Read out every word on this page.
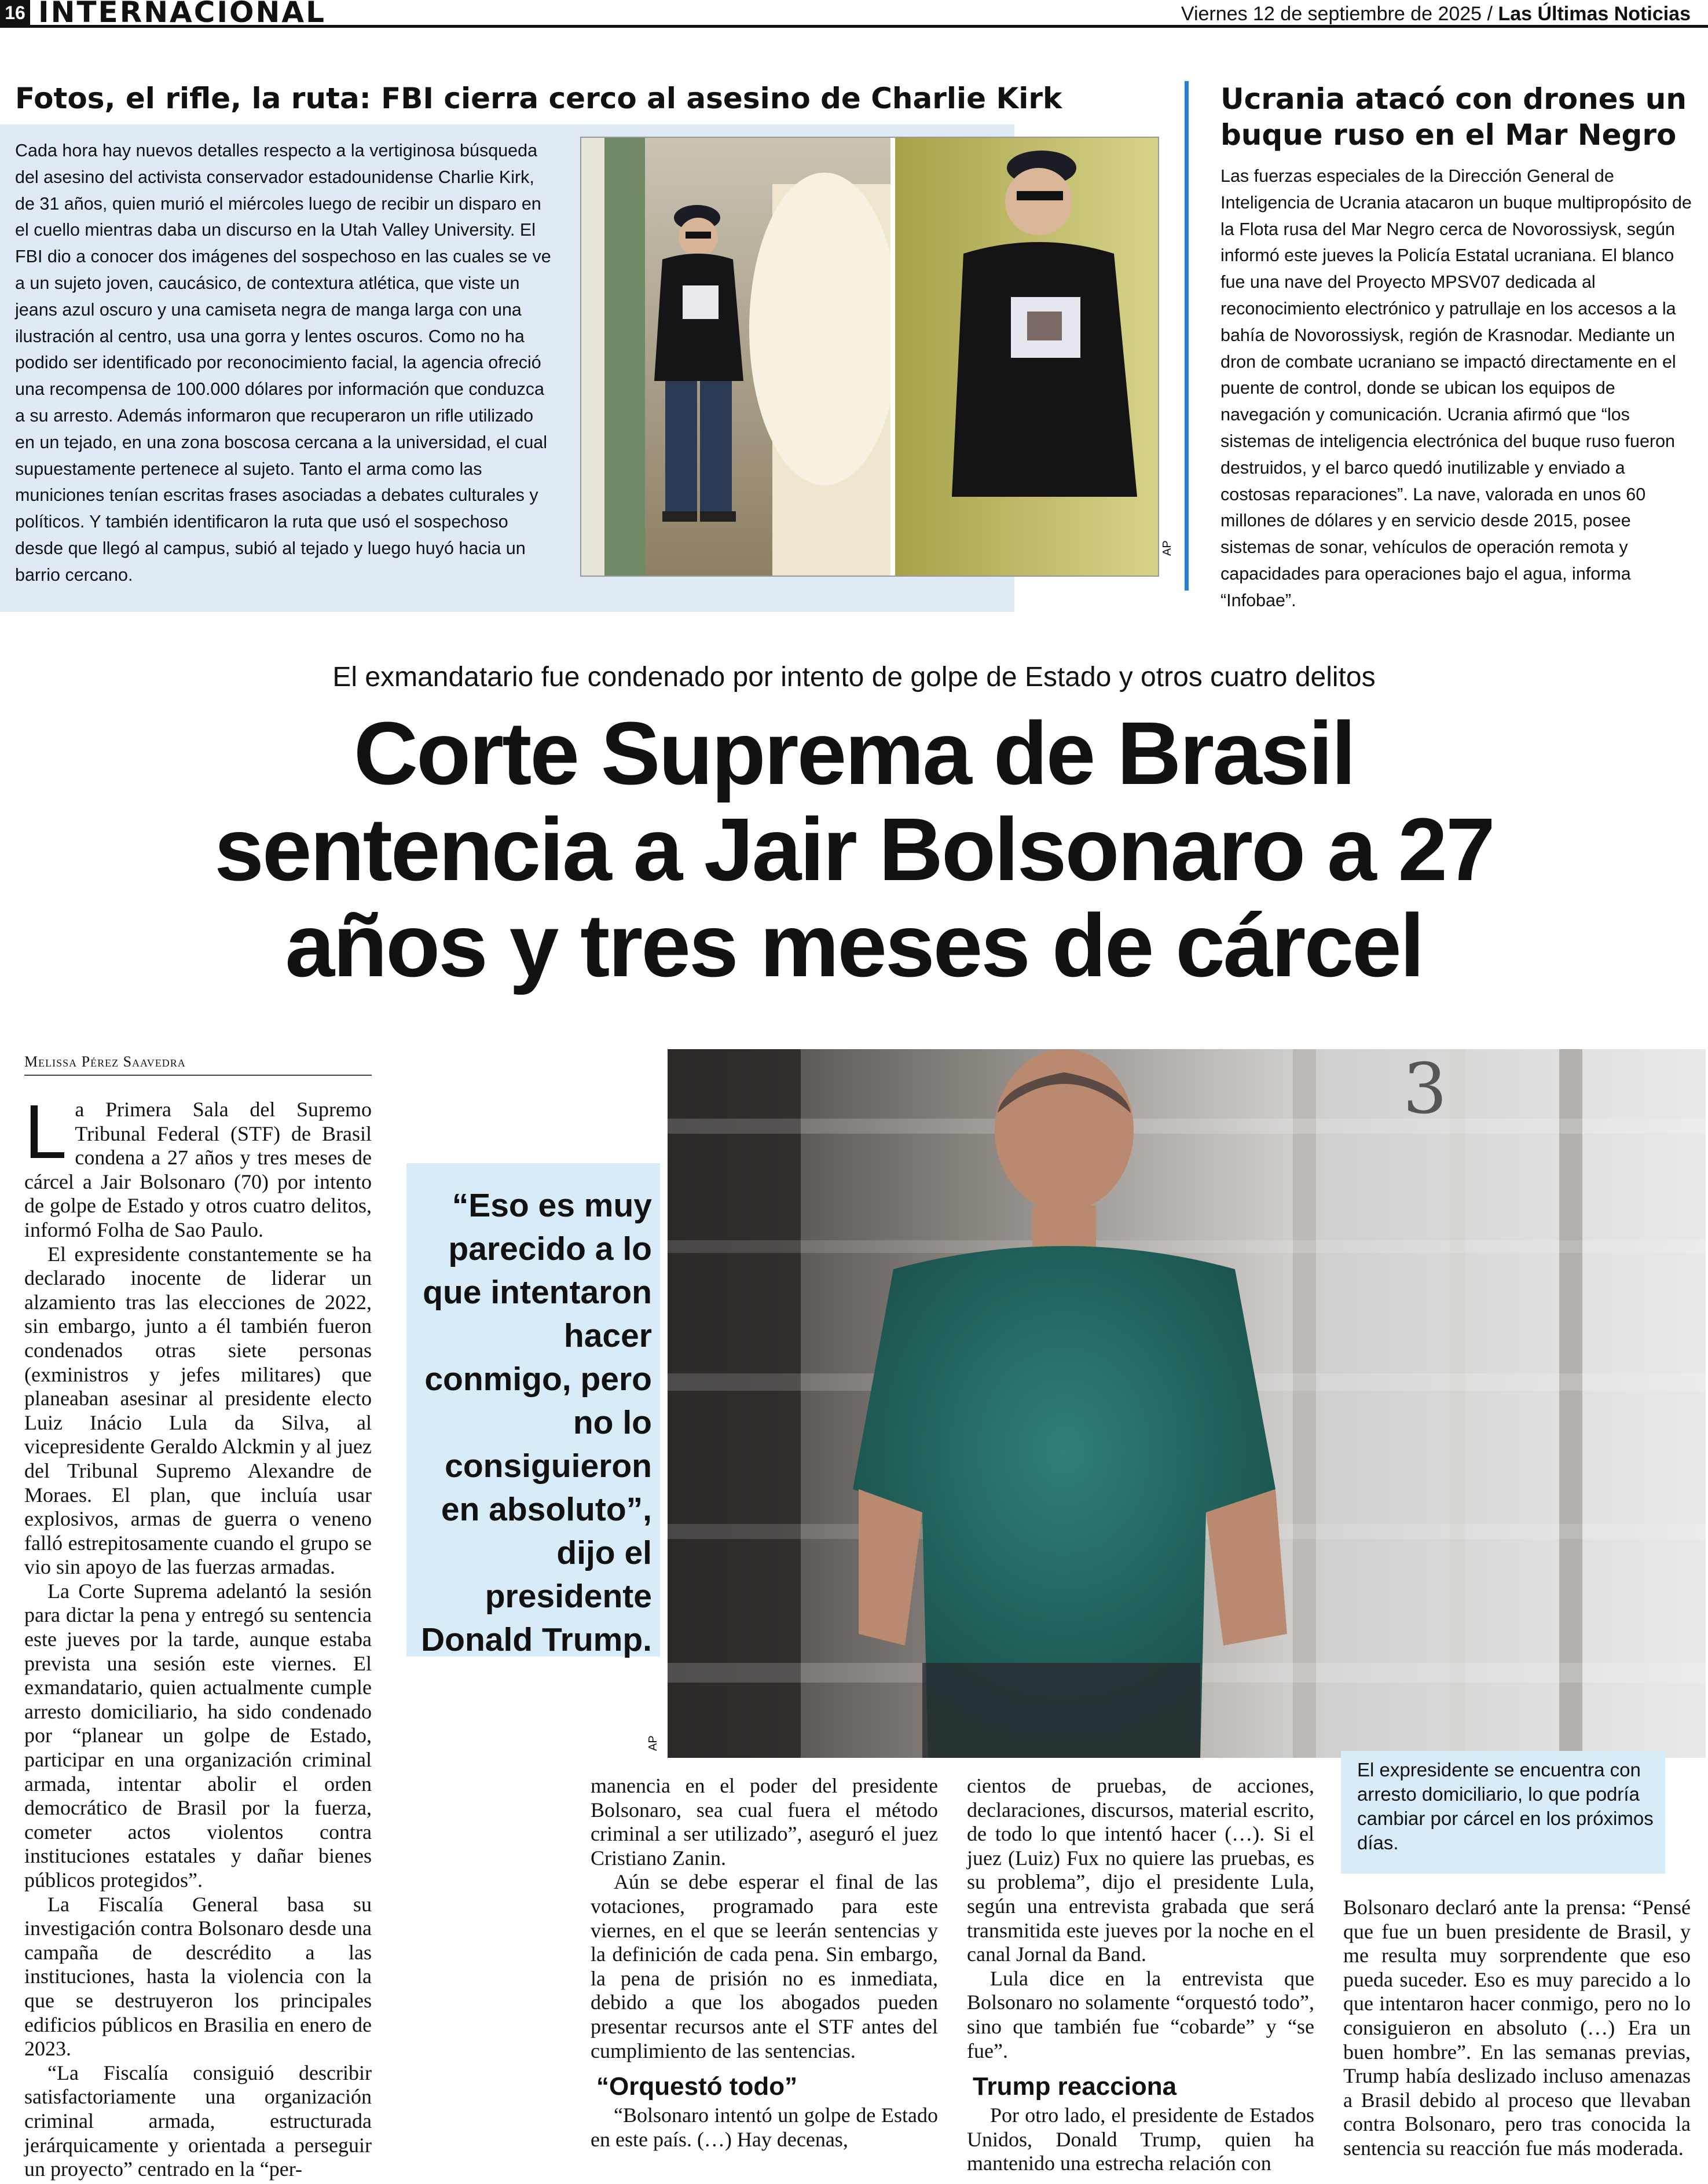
16 INTERNACIONAL	Viernes 12 de septiembre de 2025 / Las Últimas Noticias
Fotos, el rifle, la ruta: FBI cierra cerco al asesino de Charlie Kirk

Cada hora hay nuevos detalles respecto a la vertiginosa búsqueda del asesino del activista conservador estadounidense Charlie Kirk, de 31 años, quien murió el miércoles luego de recibir un disparo en el cuello mientras daba un discurso en la Utah Valley University. El FBI dio a conocer dos imágenes del sospechoso en las cuales se ve a un sujeto joven, caucásico, de contextura atlética, que viste un jeans azul oscuro y una camiseta negra de manga larga con una ilustración al centro, usa una gorra y lentes oscuros. Como no ha podido ser identificado por reconocimiento facial, la agencia ofreció una recompensa de 100.000 dólares por información que conduzca a su arresto. Además informaron que recuperaron un rifle utilizado en un tejado, en una zona boscosa cercana a la universidad, el cual supuestamente pertenece al sujeto. Tanto el arma como las municiones tenían escritas frases asociadas a debates culturales y políticos. Y también identificaron la ruta que usó el sospechoso desde que llegó al campus, subió al tejado y luego huyó hacia un barrio cercano.

AP
Ucrania atacó con drones un buque ruso en el Mar Negro

Las fuerzas especiales de la Dirección General de Inteligencia de Ucrania atacaron un buque multipropósito de la Flota rusa del Mar Negro cerca de Novorossiysk, según informó este jueves la Policía Estatal ucraniana. El blanco fue una nave del Proyecto MPSV07 dedicada al reconocimiento electrónico y patrullaje en los accesos a la bahía de Novorossiysk, región de Krasnodar. Mediante un dron de combate ucraniano se impactó directamente en el puente de control, donde se ubican los equipos de navegación y comunicación. Ucrania afirmó que “los sistemas de inteligencia electrónica del buque ruso fueron destruidos, y el barco quedó inutilizable y enviado a costosas reparaciones”. La nave, valorada en unos 60 millones de dólares y en servicio desde 2015, posee sistemas de sonar, vehículos de operación remota y capacidades para operaciones bajo el agua, informa “Infobae”.

El exmandatario fue condenado por intento de golpe de Estado y otros cuatro delitos
Corte Suprema de Brasil
sentencia a Jair Bolsonaro a 27
años y tres meses de cárcel
Melissa Pérez Saavedra
L a Primera Sala del Supremo Tribunal Federal (STF) de Brasil condena a 27 años y tres meses de cárcel a Jair Bolsonaro (70) por intento de golpe de Estado y otros cuatro delitos, informó Folha de Sao Paulo.

El expresidente constantemente se ha declarado inocente de liderar un alzamiento tras las elecciones de 2022, sin embargo, junto a él también fueron condenados otras siete personas (exministros y jefes militares) que planeaban asesinar al presidente electo Luiz Inácio Lula da Silva, al vicepresidente Geraldo Alckmin y al juez del Tribunal Supremo Alexandre de Moraes. El plan, que incluía usar explosivos, armas de guerra o veneno falló estrepitosamente cuando el grupo se vio sin apoyo de las fuerzas armadas.

La Corte Suprema adelantó la sesión para dictar la pena y entregó su sentencia este jueves por la tarde, aunque estaba prevista una sesión este viernes. El exmandatario, quien actualmente cumple arresto domiciliario, ha sido condenado por “planear un golpe de Estado, participar en una organización criminal armada, intentar abolir el orden democrático de Brasil por la fuerza, cometer actos violentos contra instituciones estatales y dañar bienes públicos protegidos”.

La Fiscalía General basa su investigación contra Bolsonaro desde una campaña de descrédito a las instituciones, hasta la violencia con la que se destruyeron los principales edificios públicos en Brasilia en enero de 2023.

“La Fiscalía consiguió describir satisfactoriamente una organización criminal armada, estructurada jerárquicamente y orientada a perseguir un proyecto” centrado en la “per-

manencia en el poder del presidente Bolsonaro, sea cual fuera el método criminal a ser utilizado”, aseguró el juez Cristiano Zanin.

Aún se debe esperar el final de las votaciones, programado para este viernes, en el que se leerán sentencias y la definición de cada pena. Sin embargo, la pena de prisión no es inmediata, debido a que los abogados pueden presentar recursos ante el STF antes del cumplimiento de las sentencias.

“Orquestó todo”

“Bolsonaro intentó un golpe de Estado en este país. (…) Hay decenas,

cientos de pruebas, de acciones, declaraciones, discursos, material escrito, de todo lo que intentó hacer (…). Si el juez (Luiz) Fux no quiere las pruebas, es su problema”, dijo el presidente Lula, según una entrevista grabada que será transmitida este jueves por la noche en el canal Jornal da Band.

Lula dice en la entrevista que Bolsonaro no solamente “orquestó todo”, sino que también fue “cobarde” y “se fue”.

Trump reacciona

Por otro lado, el presidente de Estados Unidos, Donald Trump, quien ha mantenido una estrecha relación con

Bolsonaro declaró ante la prensa: “Pensé que fue un buen presidente de Brasil, y me resulta muy sorprendente que eso pueda suceder. Eso es muy parecido a lo que intentaron hacer conmigo, pero no lo consiguieron en absoluto (…) Era un buen hombre”. En las semanas previas, Trump había deslizado incluso amenazas a Brasil debido al proceso que llevaban contra Bolsonaro, pero tras conocida la sentencia su reacción fue más moderada.

3
AP
“Eso es muy parecido a lo que intentaron hacer conmigo, pero no lo consiguieron en absoluto”, dijo el presidente Donald Trump.
El expresidente se encuentra con arresto domiciliario, lo que podría cambiar por cárcel en los próximos días.
